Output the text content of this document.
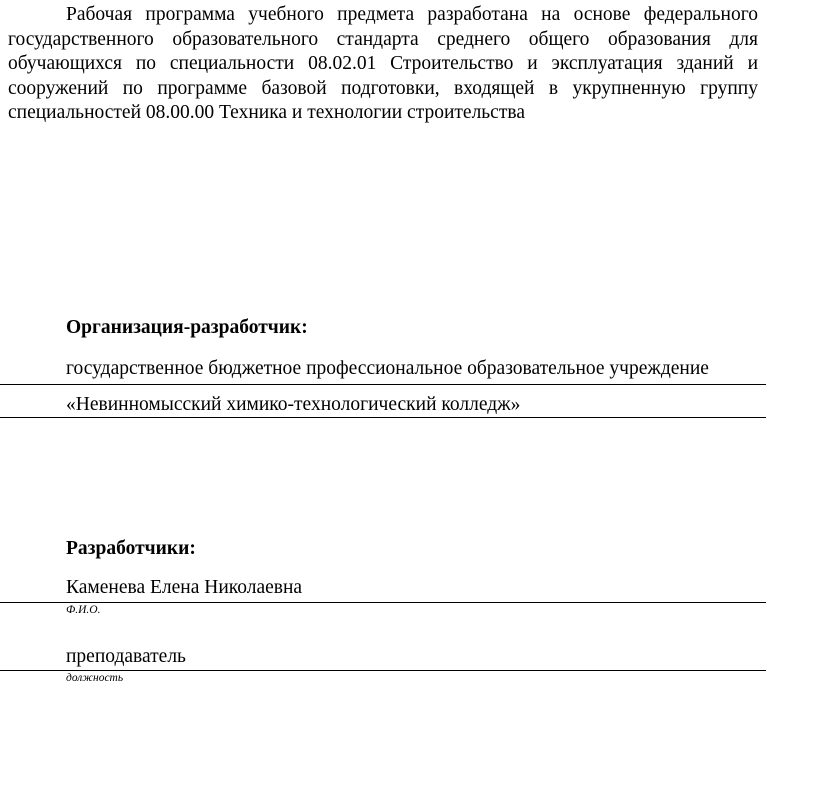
Рабочая программа учебного предмета разработана на основе федерального государственного образовательного стандарта среднего общего образования для обучающихся по специальности 08.02.01 Строительство и эксплуатация зданий и сооружений по программе базовой подготовки, входящей в укрупненную группу специальностей 08.00.00 Техника и технологии строительства

Организация-разработчик:

государственное бюджетное профессиональное образовательное учреждение

«Невинномысский химико-технологический колледж»

Разработчики:

Каменева Елена Николаевна

Ф.И.О.

преподаватель

должность
